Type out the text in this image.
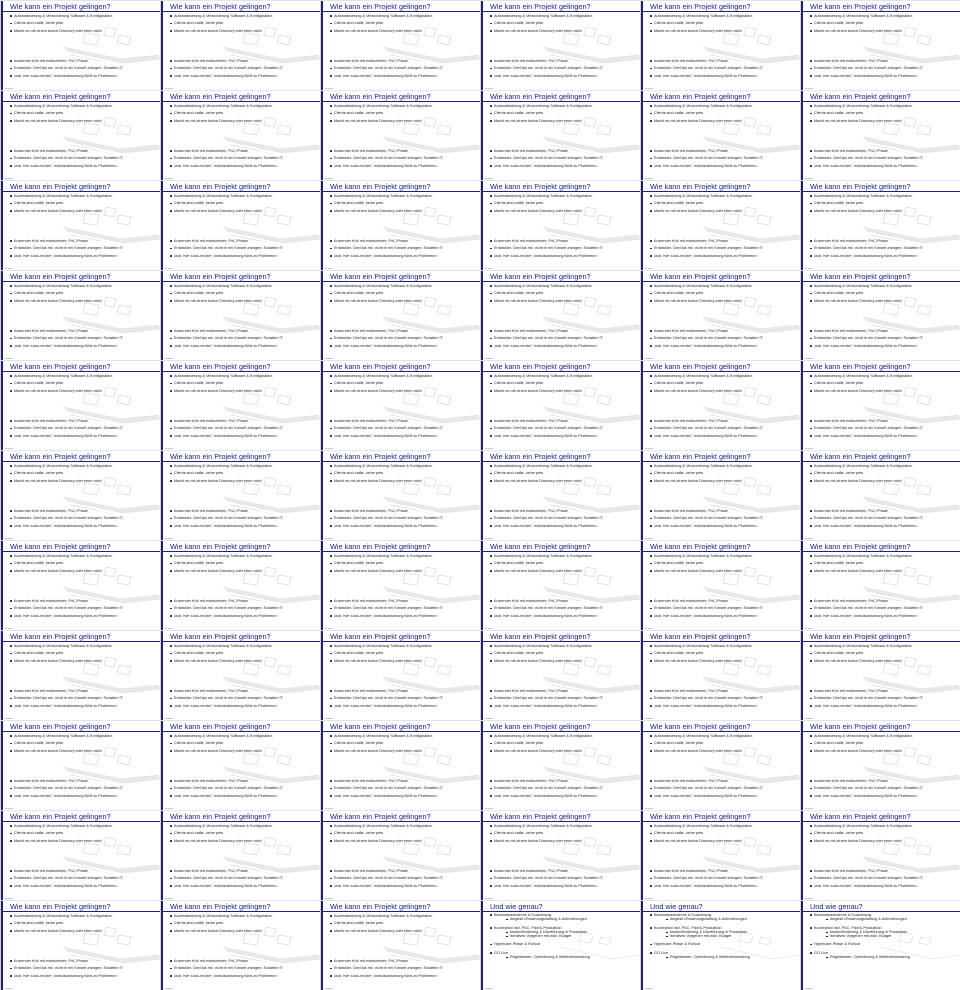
Wie kann ein Projekt gelingen?
Automatisierung & Versionierung Software & Konfiguration
Clients sind cattle, keine pets
Macht es mit einem Active Directory oder eben nicht
Anwender früh mit einbeziehen; PoC-Phase
Entwickler, DevOps etc. nicht in ein Korsett zwingen; Schatten IT
„klar, hier sudo-rechte“; Individualisierung führt zu Problemen
Wie kann ein Projekt gelingen?
Automatisierung & Versionierung Software & Konfiguration
Clients sind cattle, keine pets
Macht es mit einem Active Directory oder eben nicht
Anwender früh mit einbeziehen; PoC-Phase
Entwickler, DevOps etc. nicht in ein Korsett zwingen; Schatten IT
„klar, hier sudo-rechte“; Individualisierung führt zu Problemen
Wie kann ein Projekt gelingen?
Automatisierung & Versionierung Software & Konfiguration
Clients sind cattle, keine pets
Macht es mit einem Active Directory oder eben nicht
Anwender früh mit einbeziehen; PoC-Phase
Entwickler, DevOps etc. nicht in ein Korsett zwingen; Schatten IT
„klar, hier sudo-rechte“; Individualisierung führt zu Problemen
Wie kann ein Projekt gelingen?
Automatisierung & Versionierung Software & Konfiguration
Clients sind cattle, keine pets
Macht es mit einem Active Directory oder eben nicht
Anwender früh mit einbeziehen; PoC-Phase
Entwickler, DevOps etc. nicht in ein Korsett zwingen; Schatten IT
„klar, hier sudo-rechte“; Individualisierung führt zu Problemen
Wie kann ein Projekt gelingen?
Automatisierung & Versionierung Software & Konfiguration
Clients sind cattle, keine pets
Macht es mit einem Active Directory oder eben nicht
Anwender früh mit einbeziehen; PoC-Phase
Entwickler, DevOps etc. nicht in ein Korsett zwingen; Schatten IT
„klar, hier sudo-rechte“; Individualisierung führt zu Problemen
Wie kann ein Projekt gelingen?
Automatisierung & Versionierung Software & Konfiguration
Clients sind cattle, keine pets
Macht es mit einem Active Directory oder eben nicht
Anwender früh mit einbeziehen; PoC-Phase
Entwickler, DevOps etc. nicht in ein Korsett zwingen; Schatten IT
„klar, hier sudo-rechte“; Individualisierung führt zu Problemen
Wie kann ein Projekt gelingen?
Automatisierung & Versionierung Software & Konfiguration
Clients sind cattle, keine pets
Macht es mit einem Active Directory oder eben nicht
Anwender früh mit einbeziehen; PoC-Phase
Entwickler, DevOps etc. nicht in ein Korsett zwingen; Schatten IT
„klar, hier sudo-rechte“; Individualisierung führt zu Problemen
Wie kann ein Projekt gelingen?
Automatisierung & Versionierung Software & Konfiguration
Clients sind cattle, keine pets
Macht es mit einem Active Directory oder eben nicht
Anwender früh mit einbeziehen; PoC-Phase
Entwickler, DevOps etc. nicht in ein Korsett zwingen; Schatten IT
„klar, hier sudo-rechte“; Individualisierung führt zu Problemen
Wie kann ein Projekt gelingen?
Automatisierung & Versionierung Software & Konfiguration
Clients sind cattle, keine pets
Macht es mit einem Active Directory oder eben nicht
Anwender früh mit einbeziehen; PoC-Phase
Entwickler, DevOps etc. nicht in ein Korsett zwingen; Schatten IT
„klar, hier sudo-rechte“; Individualisierung führt zu Problemen
Wie kann ein Projekt gelingen?
Automatisierung & Versionierung Software & Konfiguration
Clients sind cattle, keine pets
Macht es mit einem Active Directory oder eben nicht
Anwender früh mit einbeziehen; PoC-Phase
Entwickler, DevOps etc. nicht in ein Korsett zwingen; Schatten IT
„klar, hier sudo-rechte“; Individualisierung führt zu Problemen
Wie kann ein Projekt gelingen?
Automatisierung & Versionierung Software & Konfiguration
Clients sind cattle, keine pets
Macht es mit einem Active Directory oder eben nicht
Anwender früh mit einbeziehen; PoC-Phase
Entwickler, DevOps etc. nicht in ein Korsett zwingen; Schatten IT
„klar, hier sudo-rechte“; Individualisierung führt zu Problemen
Wie kann ein Projekt gelingen?
Automatisierung & Versionierung Software & Konfiguration
Clients sind cattle, keine pets
Macht es mit einem Active Directory oder eben nicht
Anwender früh mit einbeziehen; PoC-Phase
Entwickler, DevOps etc. nicht in ein Korsett zwingen; Schatten IT
„klar, hier sudo-rechte“; Individualisierung führt zu Problemen
Wie kann ein Projekt gelingen?
Automatisierung & Versionierung Software & Konfiguration
Clients sind cattle, keine pets
Macht es mit einem Active Directory oder eben nicht
Anwender früh mit einbeziehen; PoC-Phase
Entwickler, DevOps etc. nicht in ein Korsett zwingen; Schatten IT
„klar, hier sudo-rechte“; Individualisierung führt zu Problemen
Wie kann ein Projekt gelingen?
Automatisierung & Versionierung Software & Konfiguration
Clients sind cattle, keine pets
Macht es mit einem Active Directory oder eben nicht
Anwender früh mit einbeziehen; PoC-Phase
Entwickler, DevOps etc. nicht in ein Korsett zwingen; Schatten IT
„klar, hier sudo-rechte“; Individualisierung führt zu Problemen
Wie kann ein Projekt gelingen?
Automatisierung & Versionierung Software & Konfiguration
Clients sind cattle, keine pets
Macht es mit einem Active Directory oder eben nicht
Anwender früh mit einbeziehen; PoC-Phase
Entwickler, DevOps etc. nicht in ein Korsett zwingen; Schatten IT
„klar, hier sudo-rechte“; Individualisierung führt zu Problemen
Wie kann ein Projekt gelingen?
Automatisierung & Versionierung Software & Konfiguration
Clients sind cattle, keine pets
Macht es mit einem Active Directory oder eben nicht
Anwender früh mit einbeziehen; PoC-Phase
Entwickler, DevOps etc. nicht in ein Korsett zwingen; Schatten IT
„klar, hier sudo-rechte“; Individualisierung führt zu Problemen
Wie kann ein Projekt gelingen?
Automatisierung & Versionierung Software & Konfiguration
Clients sind cattle, keine pets
Macht es mit einem Active Directory oder eben nicht
Anwender früh mit einbeziehen; PoC-Phase
Entwickler, DevOps etc. nicht in ein Korsett zwingen; Schatten IT
„klar, hier sudo-rechte“; Individualisierung führt zu Problemen
Wie kann ein Projekt gelingen?
Automatisierung & Versionierung Software & Konfiguration
Clients sind cattle, keine pets
Macht es mit einem Active Directory oder eben nicht
Anwender früh mit einbeziehen; PoC-Phase
Entwickler, DevOps etc. nicht in ein Korsett zwingen; Schatten IT
„klar, hier sudo-rechte“; Individualisierung führt zu Problemen
Wie kann ein Projekt gelingen?
Automatisierung & Versionierung Software & Konfiguration
Clients sind cattle, keine pets
Macht es mit einem Active Directory oder eben nicht
Anwender früh mit einbeziehen; PoC-Phase
Entwickler, DevOps etc. nicht in ein Korsett zwingen; Schatten IT
„klar, hier sudo-rechte“; Individualisierung führt zu Problemen
Wie kann ein Projekt gelingen?
Automatisierung & Versionierung Software & Konfiguration
Clients sind cattle, keine pets
Macht es mit einem Active Directory oder eben nicht
Anwender früh mit einbeziehen; PoC-Phase
Entwickler, DevOps etc. nicht in ein Korsett zwingen; Schatten IT
„klar, hier sudo-rechte“; Individualisierung führt zu Problemen
Wie kann ein Projekt gelingen?
Automatisierung & Versionierung Software & Konfiguration
Clients sind cattle, keine pets
Macht es mit einem Active Directory oder eben nicht
Anwender früh mit einbeziehen; PoC-Phase
Entwickler, DevOps etc. nicht in ein Korsett zwingen; Schatten IT
„klar, hier sudo-rechte“; Individualisierung führt zu Problemen
Wie kann ein Projekt gelingen?
Automatisierung & Versionierung Software & Konfiguration
Clients sind cattle, keine pets
Macht es mit einem Active Directory oder eben nicht
Anwender früh mit einbeziehen; PoC-Phase
Entwickler, DevOps etc. nicht in ein Korsett zwingen; Schatten IT
„klar, hier sudo-rechte“; Individualisierung führt zu Problemen
Wie kann ein Projekt gelingen?
Automatisierung & Versionierung Software & Konfiguration
Clients sind cattle, keine pets
Macht es mit einem Active Directory oder eben nicht
Anwender früh mit einbeziehen; PoC-Phase
Entwickler, DevOps etc. nicht in ein Korsett zwingen; Schatten IT
„klar, hier sudo-rechte“; Individualisierung führt zu Problemen
Wie kann ein Projekt gelingen?
Automatisierung & Versionierung Software & Konfiguration
Clients sind cattle, keine pets
Macht es mit einem Active Directory oder eben nicht
Anwender früh mit einbeziehen; PoC-Phase
Entwickler, DevOps etc. nicht in ein Korsett zwingen; Schatten IT
„klar, hier sudo-rechte“; Individualisierung führt zu Problemen
Wie kann ein Projekt gelingen?
Automatisierung & Versionierung Software & Konfiguration
Clients sind cattle, keine pets
Macht es mit einem Active Directory oder eben nicht
Anwender früh mit einbeziehen; PoC-Phase
Entwickler, DevOps etc. nicht in ein Korsett zwingen; Schatten IT
„klar, hier sudo-rechte“; Individualisierung führt zu Problemen
Wie kann ein Projekt gelingen?
Automatisierung & Versionierung Software & Konfiguration
Clients sind cattle, keine pets
Macht es mit einem Active Directory oder eben nicht
Anwender früh mit einbeziehen; PoC-Phase
Entwickler, DevOps etc. nicht in ein Korsett zwingen; Schatten IT
„klar, hier sudo-rechte“; Individualisierung führt zu Problemen
Wie kann ein Projekt gelingen?
Automatisierung & Versionierung Software & Konfiguration
Clients sind cattle, keine pets
Macht es mit einem Active Directory oder eben nicht
Anwender früh mit einbeziehen; PoC-Phase
Entwickler, DevOps etc. nicht in ein Korsett zwingen; Schatten IT
„klar, hier sudo-rechte“; Individualisierung führt zu Problemen
Wie kann ein Projekt gelingen?
Automatisierung & Versionierung Software & Konfiguration
Clients sind cattle, keine pets
Macht es mit einem Active Directory oder eben nicht
Anwender früh mit einbeziehen; PoC-Phase
Entwickler, DevOps etc. nicht in ein Korsett zwingen; Schatten IT
„klar, hier sudo-rechte“; Individualisierung führt zu Problemen
Wie kann ein Projekt gelingen?
Automatisierung & Versionierung Software & Konfiguration
Clients sind cattle, keine pets
Macht es mit einem Active Directory oder eben nicht
Anwender früh mit einbeziehen; PoC-Phase
Entwickler, DevOps etc. nicht in ein Korsett zwingen; Schatten IT
„klar, hier sudo-rechte“; Individualisierung führt zu Problemen
Wie kann ein Projekt gelingen?
Automatisierung & Versionierung Software & Konfiguration
Clients sind cattle, keine pets
Macht es mit einem Active Directory oder eben nicht
Anwender früh mit einbeziehen; PoC-Phase
Entwickler, DevOps etc. nicht in ein Korsett zwingen; Schatten IT
„klar, hier sudo-rechte“; Individualisierung führt zu Problemen
Wie kann ein Projekt gelingen?
Automatisierung & Versionierung Software & Konfiguration
Clients sind cattle, keine pets
Macht es mit einem Active Directory oder eben nicht
Anwender früh mit einbeziehen; PoC-Phase
Entwickler, DevOps etc. nicht in ein Korsett zwingen; Schatten IT
„klar, hier sudo-rechte“; Individualisierung führt zu Problemen
Wie kann ein Projekt gelingen?
Automatisierung & Versionierung Software & Konfiguration
Clients sind cattle, keine pets
Macht es mit einem Active Directory oder eben nicht
Anwender früh mit einbeziehen; PoC-Phase
Entwickler, DevOps etc. nicht in ein Korsett zwingen; Schatten IT
„klar, hier sudo-rechte“; Individualisierung führt zu Problemen
Wie kann ein Projekt gelingen?
Automatisierung & Versionierung Software & Konfiguration
Clients sind cattle, keine pets
Macht es mit einem Active Directory oder eben nicht
Anwender früh mit einbeziehen; PoC-Phase
Entwickler, DevOps etc. nicht in ein Korsett zwingen; Schatten IT
„klar, hier sudo-rechte“; Individualisierung führt zu Problemen
Wie kann ein Projekt gelingen?
Automatisierung & Versionierung Software & Konfiguration
Clients sind cattle, keine pets
Macht es mit einem Active Directory oder eben nicht
Anwender früh mit einbeziehen; PoC-Phase
Entwickler, DevOps etc. nicht in ein Korsett zwingen; Schatten IT
„klar, hier sudo-rechte“; Individualisierung führt zu Problemen
Wie kann ein Projekt gelingen?
Automatisierung & Versionierung Software & Konfiguration
Clients sind cattle, keine pets
Macht es mit einem Active Directory oder eben nicht
Anwender früh mit einbeziehen; PoC-Phase
Entwickler, DevOps etc. nicht in ein Korsett zwingen; Schatten IT
„klar, hier sudo-rechte“; Individualisierung führt zu Problemen
Wie kann ein Projekt gelingen?
Automatisierung & Versionierung Software & Konfiguration
Clients sind cattle, keine pets
Macht es mit einem Active Directory oder eben nicht
Anwender früh mit einbeziehen; PoC-Phase
Entwickler, DevOps etc. nicht in ein Korsett zwingen; Schatten IT
„klar, hier sudo-rechte“; Individualisierung führt zu Problemen
Wie kann ein Projekt gelingen?
Automatisierung & Versionierung Software & Konfiguration
Clients sind cattle, keine pets
Macht es mit einem Active Directory oder eben nicht
Anwender früh mit einbeziehen; PoC-Phase
Entwickler, DevOps etc. nicht in ein Korsett zwingen; Schatten IT
„klar, hier sudo-rechte“; Individualisierung führt zu Problemen
Wie kann ein Projekt gelingen?
Automatisierung & Versionierung Software & Konfiguration
Clients sind cattle, keine pets
Macht es mit einem Active Directory oder eben nicht
Anwender früh mit einbeziehen; PoC-Phase
Entwickler, DevOps etc. nicht in ein Korsett zwingen; Schatten IT
„klar, hier sudo-rechte“; Individualisierung führt zu Problemen
Wie kann ein Projekt gelingen?
Automatisierung & Versionierung Software & Konfiguration
Clients sind cattle, keine pets
Macht es mit einem Active Directory oder eben nicht
Anwender früh mit einbeziehen; PoC-Phase
Entwickler, DevOps etc. nicht in ein Korsett zwingen; Schatten IT
„klar, hier sudo-rechte“; Individualisierung führt zu Problemen
Wie kann ein Projekt gelingen?
Automatisierung & Versionierung Software & Konfiguration
Clients sind cattle, keine pets
Macht es mit einem Active Directory oder eben nicht
Anwender früh mit einbeziehen; PoC-Phase
Entwickler, DevOps etc. nicht in ein Korsett zwingen; Schatten IT
„klar, hier sudo-rechte“; Individualisierung führt zu Problemen
Wie kann ein Projekt gelingen?
Automatisierung & Versionierung Software & Konfiguration
Clients sind cattle, keine pets
Macht es mit einem Active Directory oder eben nicht
Anwender früh mit einbeziehen; PoC-Phase
Entwickler, DevOps etc. nicht in ein Korsett zwingen; Schatten IT
„klar, hier sudo-rechte“; Individualisierung führt zu Problemen
Wie kann ein Projekt gelingen?
Automatisierung & Versionierung Software & Konfiguration
Clients sind cattle, keine pets
Macht es mit einem Active Directory oder eben nicht
Anwender früh mit einbeziehen; PoC-Phase
Entwickler, DevOps etc. nicht in ein Korsett zwingen; Schatten IT
„klar, hier sudo-rechte“; Individualisierung führt zu Problemen
Wie kann ein Projekt gelingen?
Automatisierung & Versionierung Software & Konfiguration
Clients sind cattle, keine pets
Macht es mit einem Active Directory oder eben nicht
Anwender früh mit einbeziehen; PoC-Phase
Entwickler, DevOps etc. nicht in ein Korsett zwingen; Schatten IT
„klar, hier sudo-rechte“; Individualisierung führt zu Problemen
Wie kann ein Projekt gelingen?
Automatisierung & Versionierung Software & Konfiguration
Clients sind cattle, keine pets
Macht es mit einem Active Directory oder eben nicht
Anwender früh mit einbeziehen; PoC-Phase
Entwickler, DevOps etc. nicht in ein Korsett zwingen; Schatten IT
„klar, hier sudo-rechte“; Individualisierung führt zu Problemen
Wie kann ein Projekt gelingen?
Automatisierung & Versionierung Software & Konfiguration
Clients sind cattle, keine pets
Macht es mit einem Active Directory oder eben nicht
Anwender früh mit einbeziehen; PoC-Phase
Entwickler, DevOps etc. nicht in ein Korsett zwingen; Schatten IT
„klar, hier sudo-rechte“; Individualisierung führt zu Problemen
Wie kann ein Projekt gelingen?
Automatisierung & Versionierung Software & Konfiguration
Clients sind cattle, keine pets
Macht es mit einem Active Directory oder eben nicht
Anwender früh mit einbeziehen; PoC-Phase
Entwickler, DevOps etc. nicht in ein Korsett zwingen; Schatten IT
„klar, hier sudo-rechte“; Individualisierung führt zu Problemen
Wie kann ein Projekt gelingen?
Automatisierung & Versionierung Software & Konfiguration
Clients sind cattle, keine pets
Macht es mit einem Active Directory oder eben nicht
Anwender früh mit einbeziehen; PoC-Phase
Entwickler, DevOps etc. nicht in ein Korsett zwingen; Schatten IT
„klar, hier sudo-rechte“; Individualisierung führt zu Problemen
Wie kann ein Projekt gelingen?
Automatisierung & Versionierung Software & Konfiguration
Clients sind cattle, keine pets
Macht es mit einem Active Directory oder eben nicht
Anwender früh mit einbeziehen; PoC-Phase
Entwickler, DevOps etc. nicht in ein Korsett zwingen; Schatten IT
„klar, hier sudo-rechte“; Individualisierung führt zu Problemen
Wie kann ein Projekt gelingen?
Automatisierung & Versionierung Software & Konfiguration
Clients sind cattle, keine pets
Macht es mit einem Active Directory oder eben nicht
Anwender früh mit einbeziehen; PoC-Phase
Entwickler, DevOps etc. nicht in ein Korsett zwingen; Schatten IT
„klar, hier sudo-rechte“; Individualisierung führt zu Problemen
Wie kann ein Projekt gelingen?
Automatisierung & Versionierung Software & Konfiguration
Clients sind cattle, keine pets
Macht es mit einem Active Directory oder eben nicht
Anwender früh mit einbeziehen; PoC-Phase
Entwickler, DevOps etc. nicht in ein Korsett zwingen; Schatten IT
„klar, hier sudo-rechte“; Individualisierung führt zu Problemen
Wie kann ein Projekt gelingen?
Automatisierung & Versionierung Software & Konfiguration
Clients sind cattle, keine pets
Macht es mit einem Active Directory oder eben nicht
Anwender früh mit einbeziehen; PoC-Phase
Entwickler, DevOps etc. nicht in ein Korsett zwingen; Schatten IT
„klar, hier sudo-rechte“; Individualisierung führt zu Problemen
Wie kann ein Projekt gelingen?
Automatisierung & Versionierung Software & Konfiguration
Clients sind cattle, keine pets
Macht es mit einem Active Directory oder eben nicht
Anwender früh mit einbeziehen; PoC-Phase
Entwickler, DevOps etc. nicht in ein Korsett zwingen; Schatten IT
„klar, hier sudo-rechte“; Individualisierung führt zu Problemen
Wie kann ein Projekt gelingen?
Automatisierung & Versionierung Software & Konfiguration
Clients sind cattle, keine pets
Macht es mit einem Active Directory oder eben nicht
Anwender früh mit einbeziehen; PoC-Phase
Entwickler, DevOps etc. nicht in ein Korsett zwingen; Schatten IT
„klar, hier sudo-rechte“; Individualisierung führt zu Problemen
Wie kann ein Projekt gelingen?
Automatisierung & Versionierung Software & Konfiguration
Clients sind cattle, keine pets
Macht es mit einem Active Directory oder eben nicht
Anwender früh mit einbeziehen; PoC-Phase
Entwickler, DevOps etc. nicht in ein Korsett zwingen; Schatten IT
„klar, hier sudo-rechte“; Individualisierung führt zu Problemen
Wie kann ein Projekt gelingen?
Automatisierung & Versionierung Software & Konfiguration
Clients sind cattle, keine pets
Macht es mit einem Active Directory oder eben nicht
Anwender früh mit einbeziehen; PoC-Phase
Entwickler, DevOps etc. nicht in ein Korsett zwingen; Schatten IT
„klar, hier sudo-rechte“; Individualisierung führt zu Problemen
Wie kann ein Projekt gelingen?
Automatisierung & Versionierung Software & Konfiguration
Clients sind cattle, keine pets
Macht es mit einem Active Directory oder eben nicht
Anwender früh mit einbeziehen; PoC-Phase
Entwickler, DevOps etc. nicht in ein Korsett zwingen; Schatten IT
„klar, hier sudo-rechte“; Individualisierung führt zu Problemen
Wie kann ein Projekt gelingen?
Automatisierung & Versionierung Software & Konfiguration
Clients sind cattle, keine pets
Macht es mit einem Active Directory oder eben nicht
Anwender früh mit einbeziehen; PoC-Phase
Entwickler, DevOps etc. nicht in ein Korsett zwingen; Schatten IT
„klar, hier sudo-rechte“; Individualisierung führt zu Problemen
Wie kann ein Projekt gelingen?
Automatisierung & Versionierung Software & Konfiguration
Clients sind cattle, keine pets
Macht es mit einem Active Directory oder eben nicht
Anwender früh mit einbeziehen; PoC-Phase
Entwickler, DevOps etc. nicht in ein Korsett zwingen; Schatten IT
„klar, hier sudo-rechte“; Individualisierung führt zu Problemen
Wie kann ein Projekt gelingen?
Automatisierung & Versionierung Software & Konfiguration
Clients sind cattle, keine pets
Macht es mit einem Active Directory oder eben nicht
Anwender früh mit einbeziehen; PoC-Phase
Entwickler, DevOps etc. nicht in ein Korsett zwingen; Schatten IT
„klar, hier sudo-rechte“; Individualisierung führt zu Problemen
Wie kann ein Projekt gelingen?
Automatisierung & Versionierung Software & Konfiguration
Clients sind cattle, keine pets
Macht es mit einem Active Directory oder eben nicht
Anwender früh mit einbeziehen; PoC-Phase
Entwickler, DevOps etc. nicht in ein Korsett zwingen; Schatten IT
„klar, hier sudo-rechte“; Individualisierung führt zu Problemen
Wie kann ein Projekt gelingen?
Automatisierung & Versionierung Software & Konfiguration
Clients sind cattle, keine pets
Macht es mit einem Active Directory oder eben nicht
Anwender früh mit einbeziehen; PoC-Phase
Entwickler, DevOps etc. nicht in ein Korsett zwingen; Schatten IT
„klar, hier sudo-rechte“; Individualisierung führt zu Problemen
Wie kann ein Projekt gelingen?
Automatisierung & Versionierung Software & Konfiguration
Clients sind cattle, keine pets
Macht es mit einem Active Directory oder eben nicht
Anwender früh mit einbeziehen; PoC-Phase
Entwickler, DevOps etc. nicht in ein Korsett zwingen; Schatten IT
„klar, hier sudo-rechte“; Individualisierung führt zu Problemen
Wie kann ein Projekt gelingen?
Automatisierung & Versionierung Software & Konfiguration
Clients sind cattle, keine pets
Macht es mit einem Active Directory oder eben nicht
Anwender früh mit einbeziehen; PoC-Phase
Entwickler, DevOps etc. nicht in ein Korsett zwingen; Schatten IT
„klar, hier sudo-rechte“; Individualisierung führt zu Problemen
Und wie genau?
Bestandsaufnahme & Evaluierung
Abgleich Erwartungshaltung & Anforderungen
Konzeption inkl. PoC, Pilot & Produktion
Implementierung & Überführung in Produktion
Iteratives Vorgehen mit max. Budget
Hypercare-Phase & Rollout
GO Live
Regelbetrieb, Optimierung & Weiterentwicklung
Und wie genau?
Bestandsaufnahme & Evaluierung
Abgleich Erwartungshaltung & Anforderungen
Konzeption inkl. PoC, Pilot & Produktion
Implementierung & Überführung in Produktion
Iteratives Vorgehen mit max. Budget
Hypercare-Phase & Rollout
GO Live
Regelbetrieb, Optimierung & Weiterentwicklung
Und wie genau?
Bestandsaufnahme & Evaluierung
Abgleich Erwartungshaltung & Anforderungen
Konzeption inkl. PoC, Pilot & Produktion
Implementierung & Überführung in Produktion
Iteratives Vorgehen mit max. Budget
Hypercare-Phase & Rollout
GO Live
Regelbetrieb, Optimierung & Weiterentwicklung
